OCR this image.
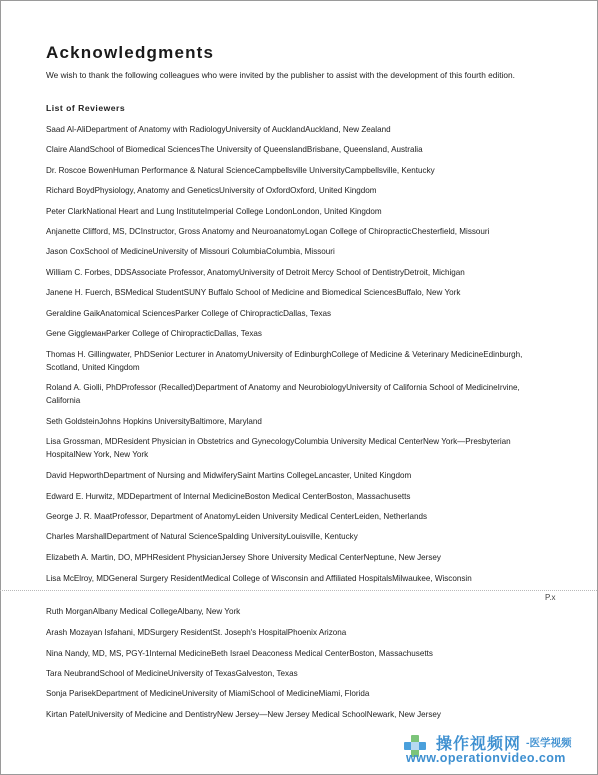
Acknowledgments
We wish to thank the following colleagues who were invited by the publisher to assist with the development of this fourth edition.
List of Reviewers
Saad Al-AliDepartment of Anatomy with RadiologyUniversity of AucklandAuckland, New Zealand
Claire AlandSchool of Biomedical SciencesThe University of QueenslandBrisbane, Queensland, Australia
Dr. Roscoe BowenHuman Performance & Natural ScienceCampbellsville UniversityCampbellsville, Kentucky
Richard BoydPhysiology, Anatomy and GeneticsUniversity of OxfordOxford, United Kingdom
Peter ClarkNational Heart and Lung InstituteImperial College LondonLondon, United Kingdom
Anjanette Clifford, MS, DCInstructor, Gross Anatomy and NeuroanatomyLogan College of ChiropracticChesterfield, Missouri
Jason CoxSchool of MedicineUniversity of Missouri ColumbiaColumbia, Missouri
William C. Forbes, DDSAssociate Professor, AnatomyUniversity of Detroit Mercy School of DentistryDetroit, Michigan
Janene H. Fuerch, BSMedical StudentSUNY Buffalo School of Medicine and Biomedical SciencesBuffalo, New York
Geraldine GaikAnatomical SciencesParker College of ChiropracticDallas, Texas
Gene GiggleманParker College of ChiropracticDallas, Texas
Thomas H. Gillingwater, PhDSenior Lecturer in AnatomyUniversity of EdinburghCollege of Medicine & Veterinary MedicineEdinburgh, Scotland, United Kingdom
Roland A. Giolli, PhDProfessor (Recalled)Department of Anatomy and NeurobiologyUniversity of California School of MedicineIrvine, California
Seth GoldsteinJohns Hopkins UniversityBaltimore, Maryland
Lisa Grossman, MDResident Physician in Obstetrics and GynecologyColumbia University Medical CenterNew York—Presbyterian HospitalNew York, New York
David HepworthDepartment of Nursing and MidwiferySaint Martins CollegeLancaster, United Kingdom
Edward E. Hurwitz, MDDepartment of Internal MedicineBoston Medical CenterBoston, Massachusetts
George J. R. MaatProfessor, Department of AnatomyLeiden University Medical CenterLeiden, Netherlands
Charles MarshallDepartment of Natural ScienceSpalding UniversityLouisville, Kentucky
Elizabeth A. Martin, DO, MPHResident PhysicianJersey Shore University Medical CenterNeptune, New Jersey
Lisa McElroy, MDGeneral Surgery ResidentMedical College of Wisconsin and Affiliated HospitalsMilwaukee, Wisconsin
Ruth MorganAlbany Medical CollegeAlbany, New York
Arash Mozayan Isfahani, MDSurgery ResidentSt. Joseph's HospitalPhoenix Arizona
Nina Nandy, MD, MS, PGY-1Internal MedicineBeth Israel Deaconess Medical CenterBoston, Massachusetts
Tara NeubrandSchool of MedicineUniversity of TexasGalveston, Texas
Sonja ParisekDepartment of MedicineUniversity of MiamiSchool of MedicineMiami, Florida
Kirtan PatelUniversity of Medicine and DentistryNew Jersey—New Jersey Medical SchoolNewark, New Jersey
P.x
操作视频网 -医学视频
www.operationvideo.com
